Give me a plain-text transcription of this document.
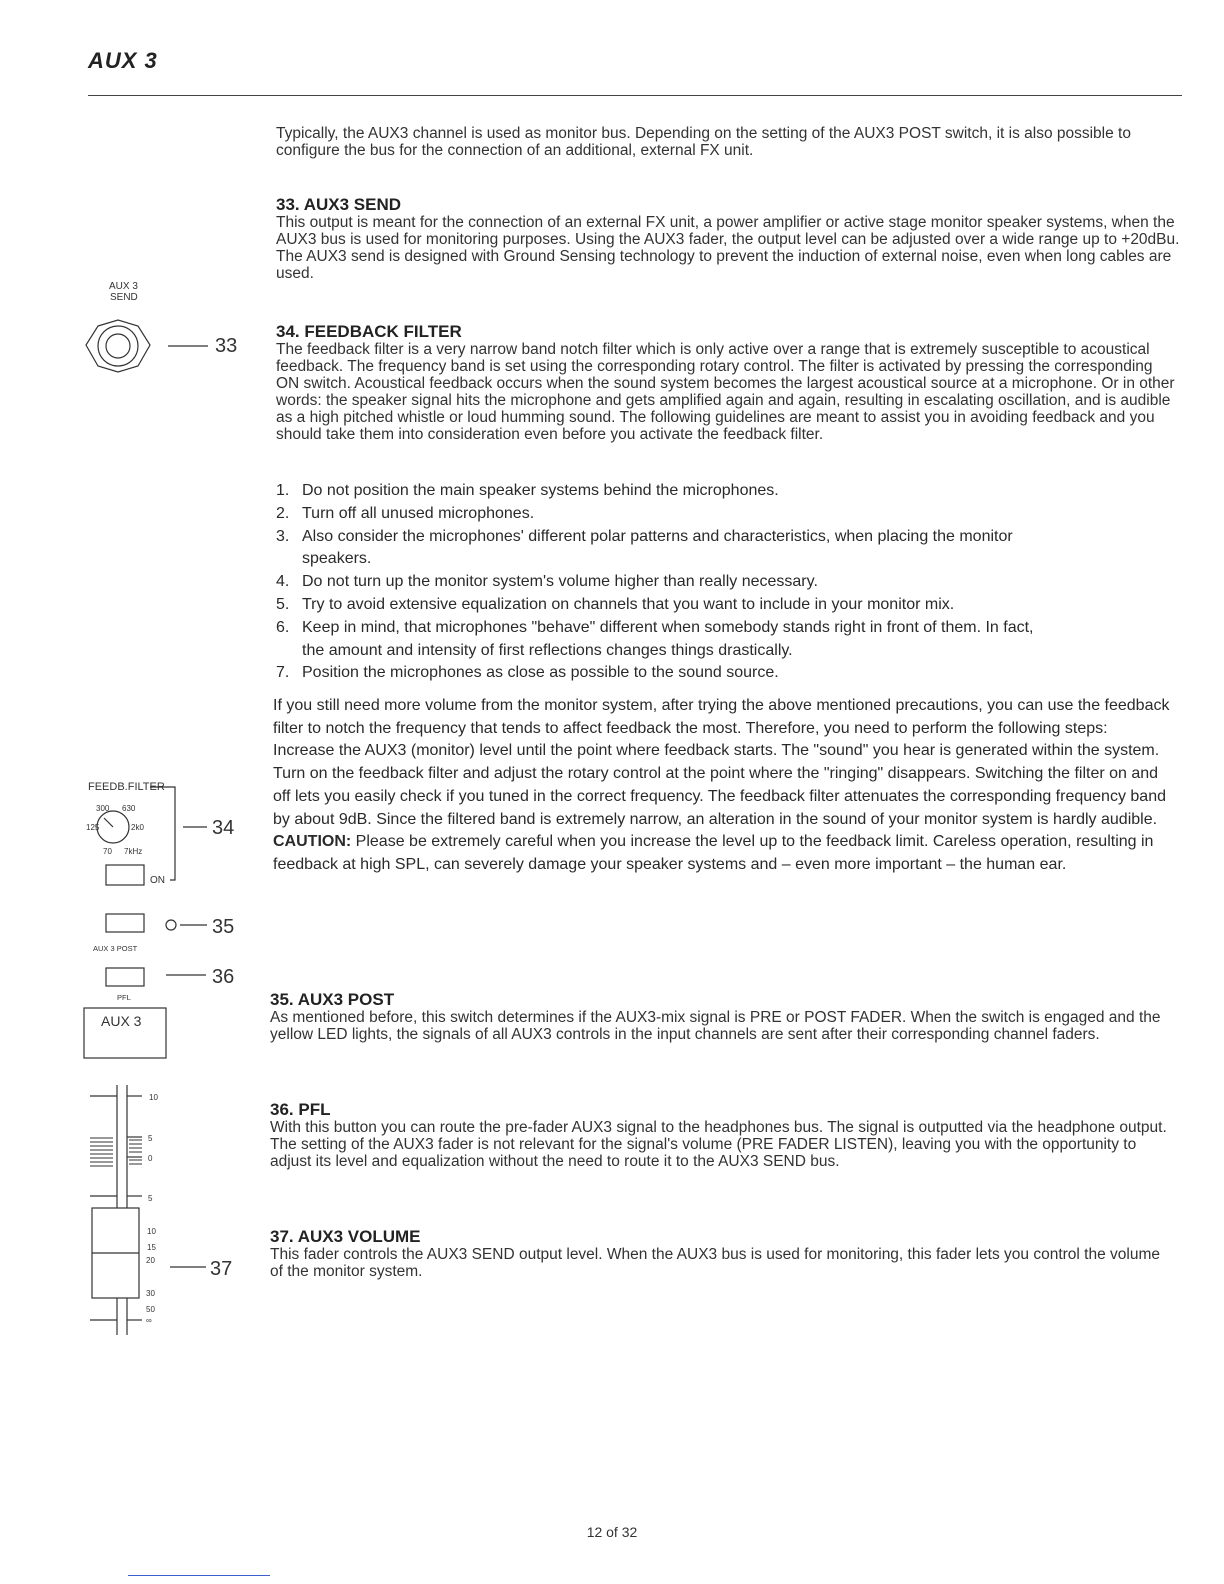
AUX 3

Typically, the AUX3 channel is used as monitor bus. Depending on the setting of the AUX3 POST switch, it is also possible to configure the bus for the connection of an additional, external FX unit.

33. AUX3 SEND

This output is meant for the connection of an external FX unit, a power amplifier or active stage monitor speaker systems, when the AUX3 bus is used for monitoring purposes. Using the AUX3 fader, the output level can be adjusted over a wide range up to +20dBu. The AUX3 send is designed with Ground Sensing technology to prevent the induction of external noise, even when long cables are used.

34. FEEDBACK FILTER

The feedback filter is a very narrow band notch filter which is only active over a range that is extremely susceptible to acoustical feedback. The frequency band is set using the corresponding rotary control. The filter is activated by pressing the corresponding ON switch. Acoustical feedback occurs when the sound system becomes the largest acoustical source at a microphone. Or in other words: the speaker signal hits the microphone and gets amplified again and again, resulting in escalating oscillation, and is audible as a high pitched whistle or loud humming sound. The following guidelines are meant to assist you in avoiding feedback and you should take them into consideration even before you activate the feedback filter.

1. Do not position the main speaker systems behind the microphones.
2. Turn off all unused microphones.
3. Also consider the microphones' different polar patterns and characteristics, when placing the monitor speakers.
4. Do not turn up the monitor system's volume higher than really necessary.
5. Try to avoid extensive equalization on channels that you want to include in your monitor mix.
6. Keep in mind, that microphones "behave" different when somebody stands right in front of them. In fact, the amount and intensity of first reflections changes things drastically.
7. Position the microphones as close as possible to the sound source.

If you still need more volume from the monitor system, after trying the above mentioned precautions, you can use the feedback filter to notch the frequency that tends to affect feedback the most. Therefore, you need to perform the following steps:

Increase the AUX3 (monitor) level until the point where feedback starts. The "sound" you hear is generated within the system. Turn on the feedback filter and adjust the rotary control at the point where the "ringing" disappears. Switching the filter on and off lets you easily check if you tuned in the correct frequency. The feedback filter attenuates the corresponding frequency band by about 9dB. Since the filtered band is extremely narrow, an alteration in the sound of your monitor system is hardly audible.

CAUTION: Please be extremely careful when you increase the level up to the feedback limit. Careless operation, resulting in feedback at high SPL, can severely damage your speaker systems and – even more important – the human ear.

35. AUX3 POST

As mentioned before, this switch determines if the AUX3-mix signal is PRE or POST FADER. When the switch is engaged and the yellow LED lights, the signals of all AUX3 controls in the input channels are sent after their corresponding channel faders.

36. PFL

With this button you can route the pre-fader AUX3 signal to the headphones bus. The signal is outputted via the headphone output. The setting of the AUX3 fader is not relevant for the signal's volume (PRE FADER LISTEN), leaving you with the opportunity to adjust its level and equalization without the need to route it to the AUX3 SEND bus.

37. AUX3 VOLUME

This fader controls the AUX3 SEND output level. When the AUX3 bus is used for monitoring, this fader lets you control the volume of the monitor system.

AUX 3
SEND
33
FEEDB.FILTER
300 630
125	2k0
70 7kHz
ON
34
AUX 3 POST
35
PFL
36
AUX 3
10
5
0
5
10
15
20
30
50
∞
37
12 of 32
